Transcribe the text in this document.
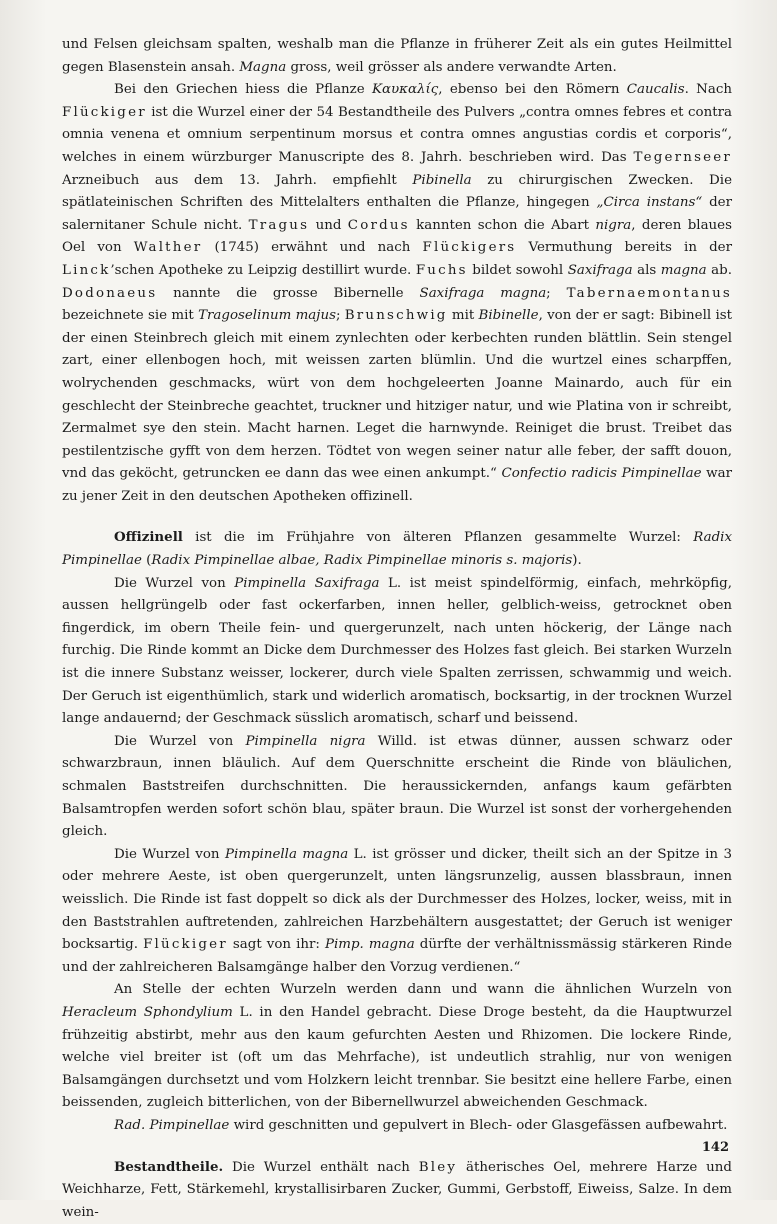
und Felsen gleichsam spalten, weshalb man die Pflanze in früherer Zeit als ein gutes Heilmittel gegen Blasenstein ansah. Magna gross, weil grösser als andere verwandte Arten.

Bei den Griechen hiess die Pflanze Καυκαλίς, ebenso bei den Römern Caucalis. Nach Flückiger ist die Wurzel einer der 54 Bestandtheile des Pulvers „contra omnes febres et contra omnia venena et omnium serpentinum morsus et contra omnes angustias cordis et corporis“, welches in einem würzburger Manuscripte des 8. Jahrh. beschrieben wird. Das Tegernseer Arzneibuch aus dem 13. Jahrh. empfiehlt Pibinella zu chirurgischen Zwecken. Die spätlateinischen Schriften des Mittelalters enthalten die Pflanze, hingegen „Circa instans“ der salernitaner Schule nicht. Tragus und Cordus kannten schon die Abart nigra, deren blaues Oel von Walther (1745) erwähnt und nach Flückigers Vermuthung bereits in der Linck’schen Apotheke zu Leipzig destillirt wurde. Fuchs bildet sowohl Saxifraga als magna ab. Dodonaeus nannte die grosse Bibernelle Saxifraga magna; Tabernaemontanus bezeichnete sie mit Tragoselinum majus; Brunschwig mit Bibinelle, von der er sagt: Bibinell ist der einen Steinbrech gleich mit einem zynlechten oder kerbechten runden blättlin. Sein stengel zart, einer ellenbogen hoch, mit weissen zarten blümlin. Und die wurtzel eines scharpffen, wolrychenden geschmacks, würt von dem hochgeleerten Joanne Mainardo, auch für ein geschlecht der Steinbreche geachtet, truckner und hitziger natur, und wie Platina von ir schreibt, Zermalmet sye den stein. Macht harnen. Leget die harnwynde. Reiniget die brust. Treibet das pestilentzische gyfft von dem herzen. Tödtet von wegen seiner natur alle feber, der safft douon, vnd das geköcht, getruncken ee dann das wee einen ankumpt.“ Confectio radicis Pimpinellae war zu jener Zeit in den deutschen Apotheken offizinell.

Offizinell ist die im Frühjahre von älteren Pflanzen gesammelte Wurzel: Radix Pimpinellae (Radix Pimpinellae albae, Radix Pimpinellae minoris s. majoris).

Die Wurzel von Pimpinella Saxifraga L. ist meist spindelförmig, einfach, mehrköpfig, aussen hellgrüngelb oder fast ockerfarben, innen heller, gelblich-weiss, getrocknet oben fingerdick, im obern Theile fein- und quergerunzelt, nach unten höckerig, der Länge nach furchig. Die Rinde kommt an Dicke dem Durchmesser des Holzes fast gleich. Bei starken Wurzeln ist die innere Substanz weisser, lockerer, durch viele Spalten zerrissen, schwammig und weich. Der Geruch ist eigenthümlich, stark und widerlich aromatisch, bocksartig, in der trocknen Wurzel lange andauernd; der Geschmack süsslich aromatisch, scharf und beissend.

Die Wurzel von Pimpinella nigra Willd. ist etwas dünner, aussen schwarz oder schwarzbraun, innen bläulich. Auf dem Querschnitte erscheint die Rinde von bläulichen, schmalen Baststreifen durchschnitten. Die heraussickernden, anfangs kaum gefärbten Balsamtropfen werden sofort schön blau, später braun. Die Wurzel ist sonst der vorhergehenden gleich.

Die Wurzel von Pimpinella magna L. ist grösser und dicker, theilt sich an der Spitze in 3 oder mehrere Aeste, ist oben quergerunzelt, unten längsrunzelig, aussen blassbraun, innen weisslich. Die Rinde ist fast doppelt so dick als der Durchmesser des Holzes, locker, weiss, mit in den Baststrahlen auftretenden, zahlreichen Harzbehältern ausgestattet; der Geruch ist weniger bocksartig. Flückiger sagt von ihr: Pimp. magna dürfte der verhältnissmässig stärkeren Rinde und der zahlreicheren Balsamgänge halber den Vorzug verdienen.“

An Stelle der echten Wurzeln werden dann und wann die ähnlichen Wurzeln von Heracleum Sphondylium L. in den Handel gebracht. Diese Droge besteht, da die Hauptwurzel frühzeitig abstirbt, mehr aus den kaum gefurchten Aesten und Rhizomen. Die lockere Rinde, welche viel breiter ist (oft um das Mehrfache), ist undeutlich strahlig, nur von wenigen Balsamgängen durchsetzt und vom Holzkern leicht trennbar. Sie besitzt eine hellere Farbe, einen beissenden, zugleich bitterlichen, von der Bibernellwurzel abweichenden Geschmack.

Rad. Pimpinellae wird geschnitten und gepulvert in Blech- oder Glasgefässen aufbewahrt.

Bestandtheile. Die Wurzel enthält nach Bley ätherisches Oel, mehrere Harze und Weichharze, Fett, Stärkemehl, krystallisirbaren Zucker, Gummi, Gerbstoff, Eiweiss, Salze. In dem wein-

142
